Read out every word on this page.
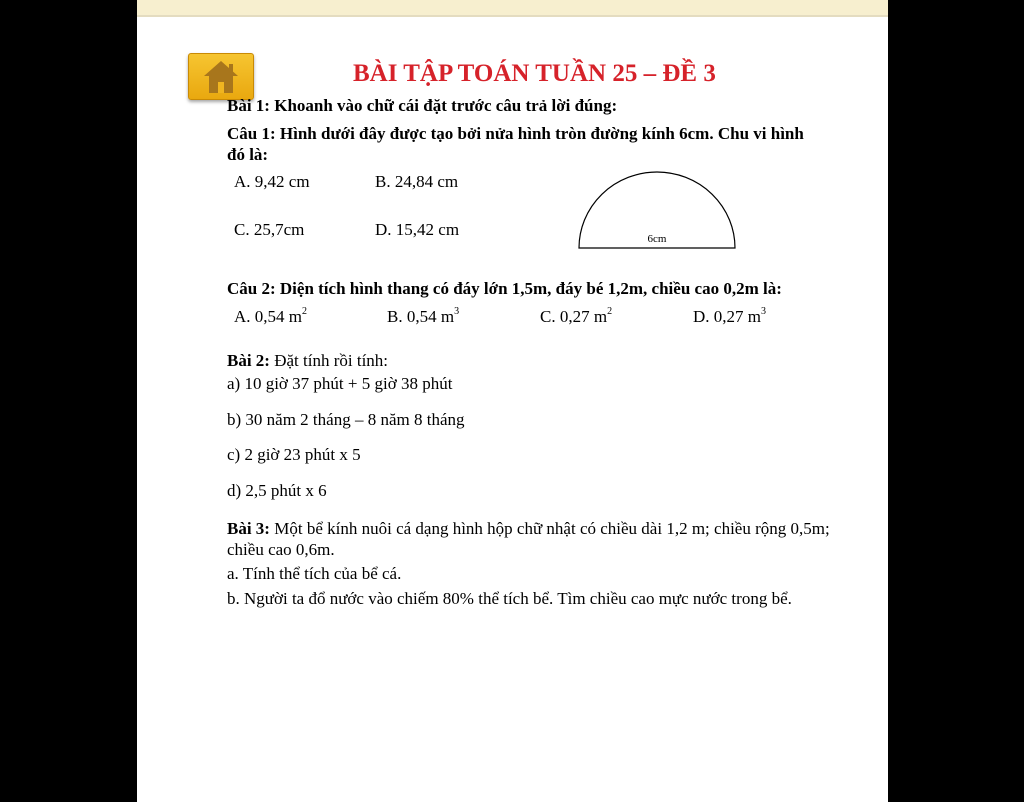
BÀI TẬP TOÁN TUẦN 25 – ĐỀ 3
Bài 1: Khoanh vào chữ cái đặt trước câu trả lời đúng:
Câu 1: Hình dưới đây được tạo bởi nửa hình tròn đường kính 6cm. Chu vi hình
đó là:
A. 9,42 cm	B. 24,84 cm
C. 25,7cm	D. 15,42 cm	6cm
Câu 2: Diện tích hình thang có đáy lớn 1,5m, đáy bé 1,2m, chiều cao 0,2m là:
A. 0,54 $m^2$	B. 0,54 $m^3$	C. 0,27 $m^2$	D. 0,27 $m^3$
Bài 2: Đặt tính rồi tính:
a) 10 giờ 37 phút + 5 giờ 38 phút
b) 30 năm 2 tháng – 8 năm 8 tháng
c) 2 giờ 23 phút x 5
d) 2,5 phút x 6
Bài 3: Một bể kính nuôi cá dạng hình hộp chữ nhật có chiều dài 1,2 m; chiều rộng 0,5m;
chiều cao 0,6m.
a. Tính thể tích của bể cá.
b. Người ta đổ nước vào chiếm 80% thể tích bể. Tìm chiều cao mực nước trong bể.
